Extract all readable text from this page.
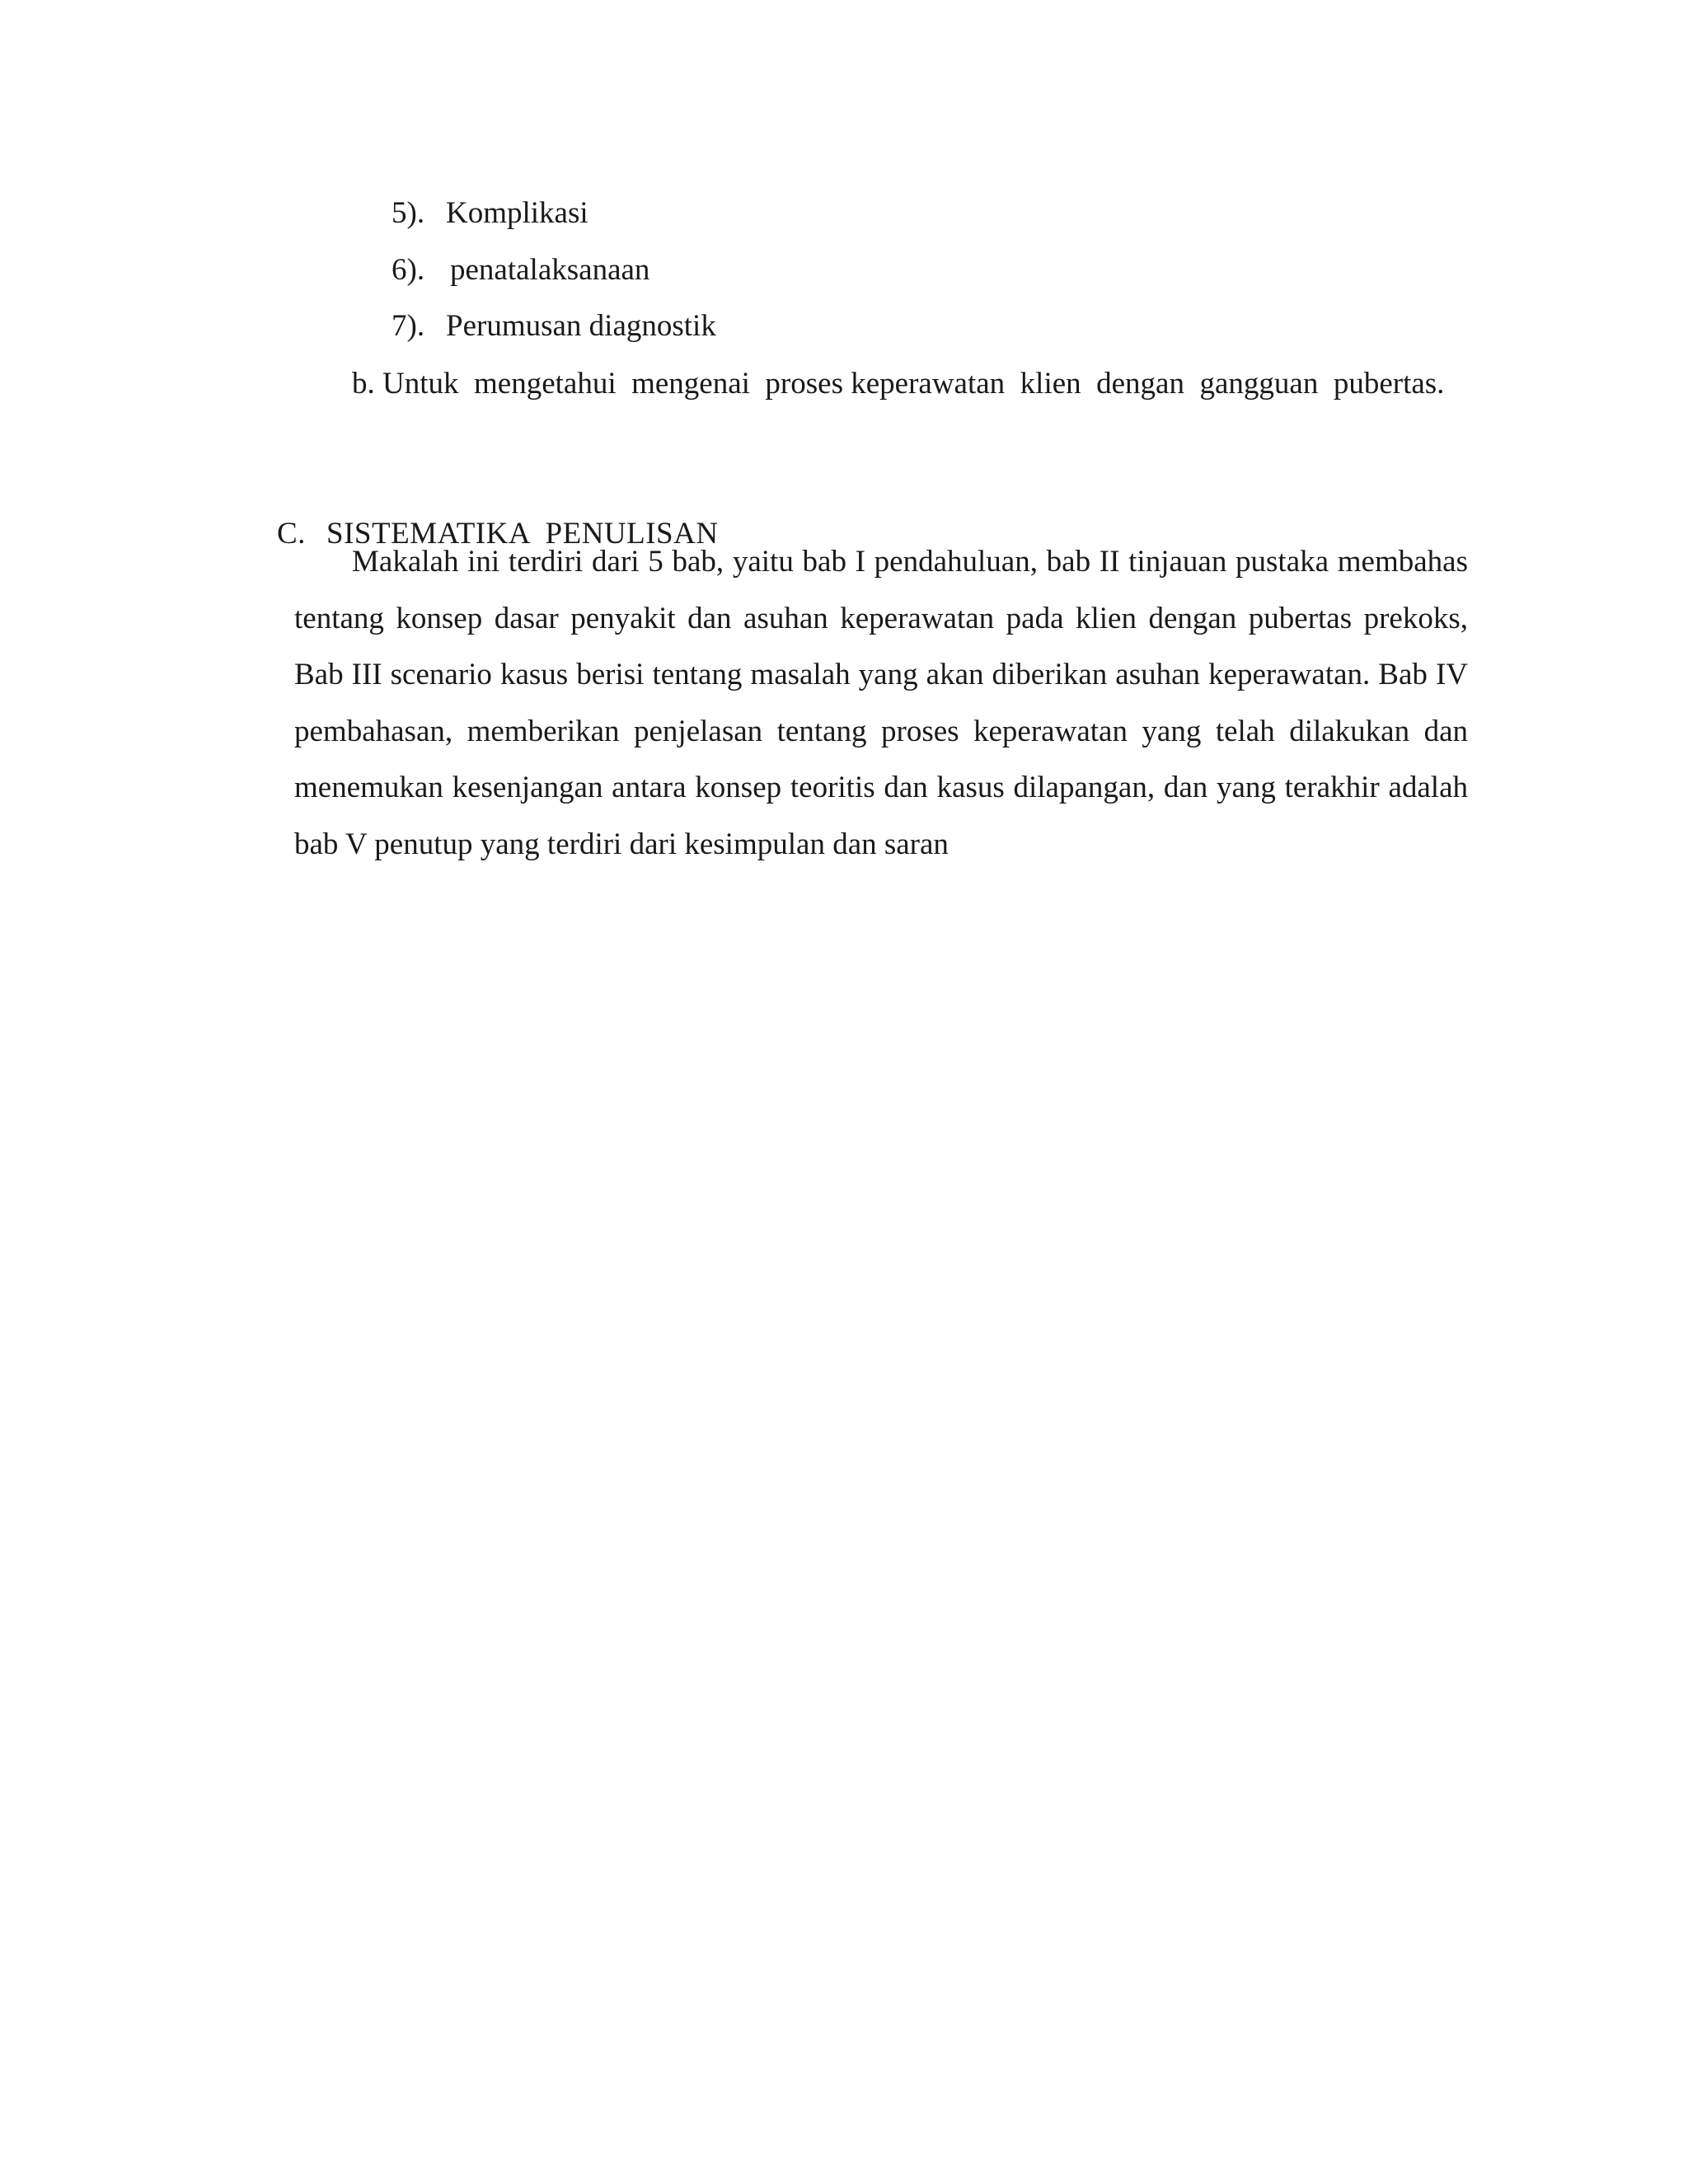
5). Komplikasi
6). penatalaksanaan
7). Perumusan diagnostik
b. Untuk  mengetahui  mengenai  proses keperawatan  klien  dengan  gangguan  pubertas.

C. SISTEMATIKA  PENULISAN

Makalah ini terdiri dari 5 bab, yaitu bab I pendahuluan, bab II tinjauan pustaka membahas tentang konsep dasar penyakit dan asuhan keperawatan pada klien dengan pubertas prekoks, Bab III scenario kasus berisi tentang masalah yang akan diberikan asuhan keperawatan. Bab IV pembahasan, memberikan penjelasan tentang proses keperawatan yang telah dilakukan dan menemukan kesenjangan antara konsep teoritis dan kasus dilapangan, dan yang terakhir adalah bab V penutup yang terdiri dari kesimpulan dan saran
